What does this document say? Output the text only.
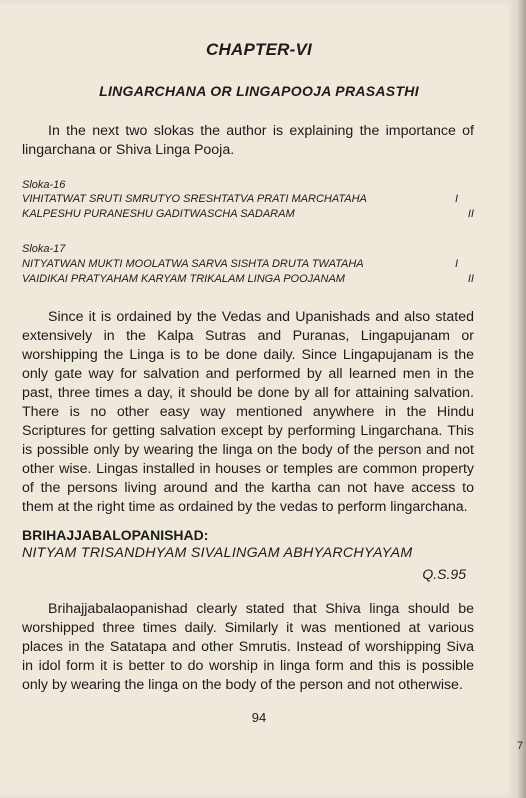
CHAPTER-VI
LINGARCHANA OR LINGAPOOJA PRASASTHI

In the next two slokas the author is explaining the importance of lingarchana or Shiva Linga Pooja.

Sloka-16
VIHITATWAT SRUTI SMRUTYO SRESHTATVA PRATI MARCHATAHA	I
KALPESHU PURANESHU GADITWASCHA SADARAM	II
Sloka-17
NITYATWAN MUKTI MOOLATWA SARVA SISHTA DRUTA TWATAHA	I
VAIDIKAI PRATYAHAM KARYAM TRIKALAM LINGA POOJANAM	II

Since it is ordained by the Vedas and Upanishads and also stated extensively in the Kalpa Sutras and Puranas, Lingapujanam or worshipping the Linga is to be done daily. Since Lingapujanam is the only gate way for salvation and performed by all learned men in the past, three times a day, it should be done by all for attaining salvation. There is no other easy way mentioned anywhere in the Hindu Scriptures for getting salvation except by performing Lingarchana. This is possible only by wearing the linga on the body of the person and not other wise. Lingas installed in houses or temples are common property of the persons living around and the kartha can not have access to them at the right time as ordained by the vedas to perform lingarchana.

BRIHAJJABALOPANISHAD:
NITYAM TRISANDHYAM SIVALINGAM ABHYARCHYAYAM
Q.S.95

Brihajjabalaopanishad clearly stated that Shiva linga should be worshipped three times daily. Similarly it was mentioned at various places in the Satatapa and other Smrutis. Instead of worshipping Siva in idol form it is better to do worship in linga form and this is possible only by wearing the linga on the body of the person and not otherwise.

94
7
